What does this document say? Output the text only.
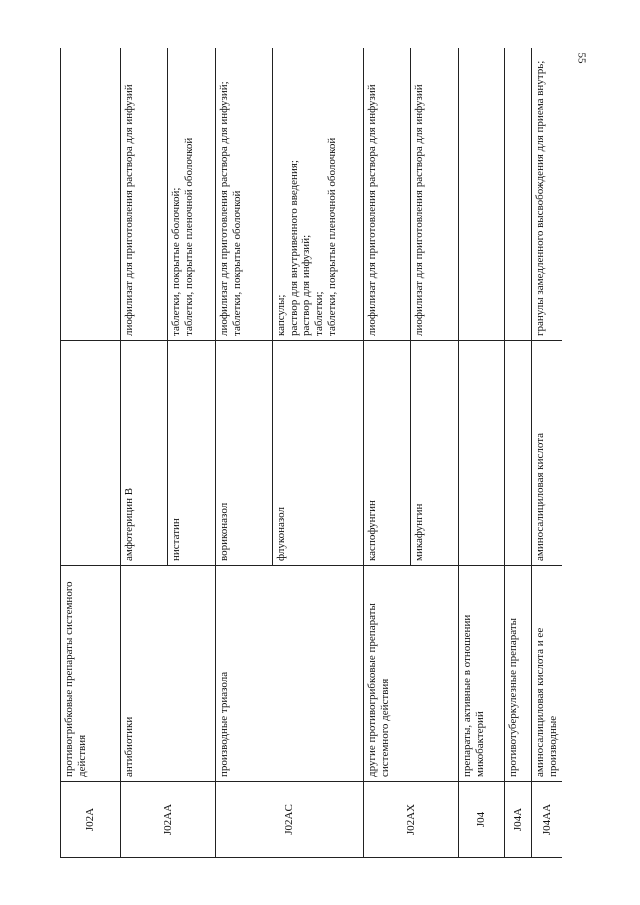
55
J02A	противогрибковые препараты системного действия		
J02AA	антибиотики	амфотерицин В	лиофилизат для приготовления раствора для инфузий

		нистатин	таблетки, покрытые оболочкой; таблетки, покрытые пленочной оболочкой

J02AC	производные триазола	вориконазол	лиофилизат для приготовления раствора для инфузий; таблетки, покрытые оболочкой

		флуконазол	капсулы; раствор для внутривенного введения; раствор для инфузий; таблетки; таблетки, покрытые пленочной оболочкой

J02AX	другие противогрибковые препараты системного действия	каспофунгин	лиофилизат для приготовления раствора для инфузий

		микафунгин	лиофилизат для приготовления раствора для инфузий

J04	препараты, активные в отношении микобактерий		
J04A	противотуберкулезные препараты		
J04AA	аминосалициловая кислота и ее производные	аминосалициловая кислота	гранулы замедленного высвобождения для приема внутрь;
